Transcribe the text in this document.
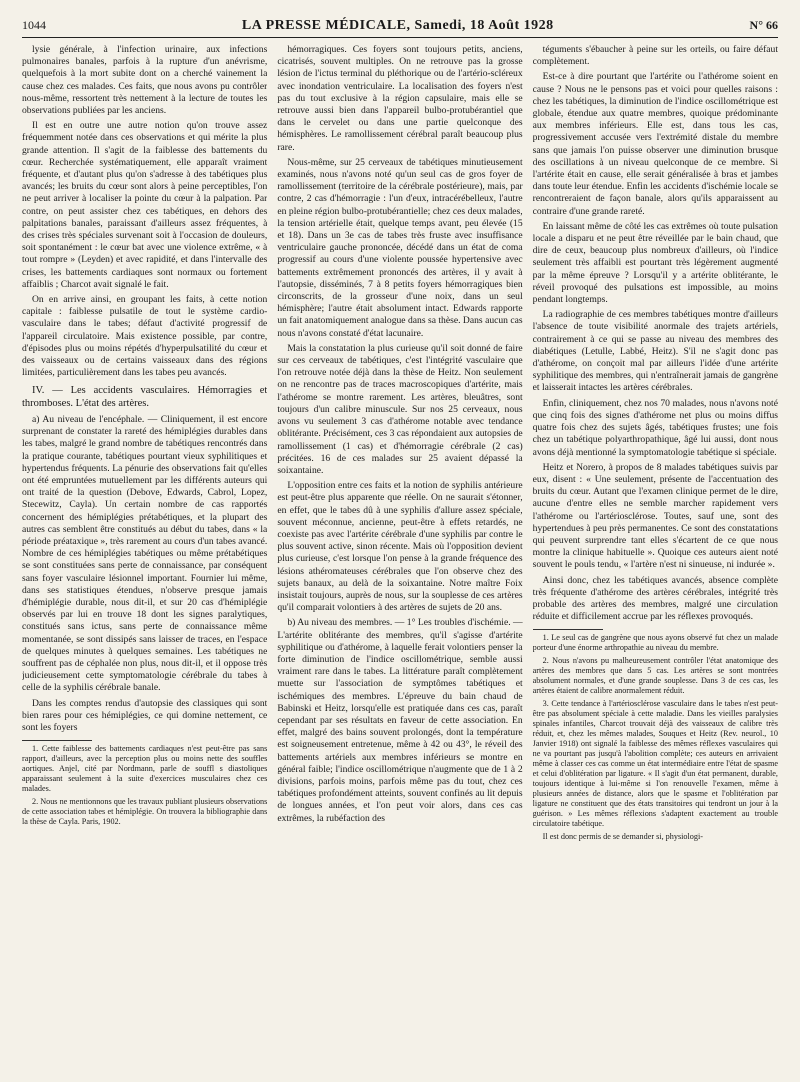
1044	LA PRESSE MÉDICALE, Samedi, 18 Août 1928	N° 66

lysie générale, à l'infection urinaire, aux infections pulmonaires banales, parfois à la rupture d'un anévrisme, quelquefois à la mort subite dont on a cherché vainement la cause chez ces malades. Ces faits, que nous avons pu contrôler nous-même, ressortent très nettement à la lecture de toutes les observations publiées par les anciens.

Il est en outre une autre notion qu'on trouve assez fréquemment notée dans ces observations et qui mérite la plus grande attention. Il s'agit de la faiblesse des battements du cœur. Recherchée systématiquement, elle apparaît vraiment fréquente, et d'autant plus qu'on s'adresse à des tabétiques plus avancés; les bruits du cœur sont alors à peine perceptibles, l'on ne peut arriver à localiser la pointe du cœur à la palpation. Par contre, on peut assister chez ces tabétiques, en dehors des palpitations banales, paraissant d'ailleurs assez fréquentes, à des crises très spéciales survenant soit à l'occasion de douleurs, soit spontanément : le cœur bat avec une violence extrême, « à tout rompre » (Leyden) et avec rapidité, et dans l'intervalle des crises, les battements cardiaques sont normaux ou fortement affaiblis ; Charcot avait signalé le fait.

On en arrive ainsi, en groupant les faits, à cette notion capitale : faiblesse pulsatile de tout le système cardio-vasculaire dans le tabes; défaut d'activité progressif de l'appareil circulatoire. Mais existence possible, par contre, d'épisodes plus ou moins répétés d'hyperpulsatilité du cœur et des vaisseaux ou de certains vaisseaux dans des régions limitées, particulièrement dans les tabes peu avancés.

IV. — Les accidents vasculaires. Hémorragies et thromboses. L'état des artères.

a) Au niveau de l'encéphale. — Cliniquement, il est encore surprenant de constater la rareté des hémiplégies durables dans les tabes, malgré le grand nombre de tabétiques rencontrés dans la pratique courante, tabétiques pourtant vieux syphilitiques et hypertendus fréquents. La pénurie des observations fait qu'elles ont été empruntées mutuellement par les différents auteurs qui ont traité de la question (Debove, Edwards, Cabrol, Lopez, Stecewitz, Cayla). Un certain nombre de cas rapportés concernent des hémiplégies prétabétiques, et la plupart des autres cas semblent être constitués au début du tabes, dans « la période préataxique », très rarement au cours d'un tabes avancé. Nombre de ces hémiplégies tabétiques ou même prétabétiques se sont constituées sans perte de connaissance, par conséquent sans foyer vasculaire lésionnel important. Fournier lui même, dans ses statistiques étendues, n'observe presque jamais d'hémiplégie durable, nous dit-il, et sur 20 cas d'hémiplégie observés par lui en trouve 18 dont les signes paralytiques, constitués sans ictus, sans perte de connaissance même momentanée, se sont dissipés sans laisser de traces, en l'espace de quelques minutes à quelques semaines. Les tabétiques ne souffrent pas de céphalée non plus, nous dit-il, et il oppose très judicieusement cette symptomatologie cérébrale du tabes à celle de la syphilis cérébrale banale.

Dans les comptes rendus d'autopsie des classiques qui sont bien rares pour ces hémiplégies, ce qui domine nettement, ce sont les foyers

1. Cette faiblesse des battements cardiaques n'est peut-être pas sans rapport, d'ailleurs, avec la perception plus ou moins nette des souffles aortiques. Anjel, cité par Nordmann, parle de souffl s diastoliques apparaissant seulement à la suite d'exercices musculaires chez ces malades.

2. Nous ne mentionnons que les travaux publiant plusieurs observations de cette association tabes et hémiplégie. On trouvera la bibliographie dans la thèse de Cayla. Paris, 1902.

hémorragiques. Ces foyers sont toujours petits, anciens, cicatrisés, souvent multiples. On ne retrouve pas la grosse lésion de l'ictus terminal du pléthorique ou de l'artério-scléreux avec inondation ventriculaire. La localisation des foyers n'est pas du tout exclusive à la région capsulaire, mais elle se retrouve aussi bien dans l'appareil bulbo-protubérantiel que dans le cervelet ou dans une partie quelconque des hémisphères. Le ramollissement cérébral paraît beaucoup plus rare.

Nous-même, sur 25 cerveaux de tabétiques minutieusement examinés, nous n'avons noté qu'un seul cas de gros foyer de ramollissement (territoire de la cérébrale postérieure), mais, par contre, 2 cas d'hémorragie : l'un d'eux, intracérébelleux, l'autre en pleine région bulbo-protubérantielle; chez ces deux malades, la tension artérielle était, quelque temps avant, peu élevée (15 et 18). Dans un 3e cas de tabes très fruste avec insuffisance ventriculaire gauche prononcée, décédé dans un état de coma progressif au cours d'une violente poussée hypertensive avec battements extrêmement prononcés des artères, il y avait à l'autopsie, disséminés, 7 à 8 petits foyers hémorragiques bien circonscrits, de la grosseur d'une noix, dans un seul hémisphère; l'autre était absolument intact. Edwards rapporte un fait anatomiquement analogue dans sa thèse. Dans aucun cas nous n'avons constaté d'état lacunaire.

Mais la constatation la plus curieuse qu'il soit donné de faire sur ces cerveaux de tabétiques, c'est l'intégrité vasculaire que l'on retrouve notée déjà dans la thèse de Heitz. Non seulement on ne rencontre pas de traces macroscopiques d'artérite, mais l'athérome se montre rarement. Les artères, bleuâtres, sont toujours d'un calibre minuscule. Sur nos 25 cerveaux, nous avons vu seulement 3 cas d'athérome notable avec tendance oblitérante. Précisément, ces 3 cas répondaient aux autopsies de ramollissement (1 cas) et d'hémorragie cérébrale (2 cas) précitées. 16 de ces malades sur 25 avaient dépassé la soixantaine.

L'opposition entre ces faits et la notion de syphilis antérieure est peut-être plus apparente que réelle. On ne saurait s'étonner, en effet, que le tabes dû à une syphilis d'allure assez spéciale, souvent méconnue, ancienne, peut-être à effets retardés, ne coexiste pas avec l'artérite cérébrale d'une syphilis par contre le plus souvent active, sinon récente. Mais où l'opposition devient plus curieuse, c'est lorsque l'on pense à la grande fréquence des lésions athéromateuses cérébrales que l'on observe chez des sujets banaux, au delà de la soixantaine. Notre maître Foix insistait toujours, auprès de nous, sur la souplesse de ces artères qu'il comparait volontiers à des artères de sujets de 20 ans.

b) Au niveau des membres. — 1° Les troubles d'ischémie. — L'artérite oblitérante des membres, qu'il s'agisse d'artérite syphilitique ou d'athérome, à laquelle ferait volontiers penser la forte diminution de l'indice oscillométrique, semble aussi vraiment rare dans le tabes. La littérature paraît complètement muette sur l'association de symptômes tabétiques et ischémiques des membres. L'épreuve du bain chaud de Babinski et Heitz, lorsqu'elle est pratiquée dans ces cas, paraît cependant par ses résultats en faveur de cette association. En effet, malgré des bains souvent prolongés, dont la température est soigneusement entretenue, même à 42 ou 43°, le réveil des battements artériels aux membres inférieurs se montre en général faible; l'indice oscillométrique n'augmente que de 1 à 2 divisions, parfois moins, parfois même pas du tout, chez ces tabétiques profondément atteints, souvent confinés au lit depuis de longues années, et l'on peut voir alors, dans ces cas extrêmes, la rubéfaction des

téguments s'ébaucher à peine sur les orteils, ou faire défaut complètement.

Est-ce à dire pourtant que l'artérite ou l'athérome soient en cause ? Nous ne le pensons pas et voici pour quelles raisons : chez les tabétiques, la diminution de l'indice oscillométrique est globale, étendue aux quatre membres, quoique prédominante aux membres inférieurs. Elle est, dans tous les cas, progressivement accusée vers l'extrémité distale du membre sans que jamais l'on puisse observer une diminution brusque des oscillations à un niveau quelconque de ce membre. Si l'artérite était en cause, elle serait généralisée à bras et jambes dans toute leur étendue. Enfin les accidents d'ischémie locale se rencontreraient de façon banale, alors qu'ils apparaissent au contraire d'une grande rareté.

En laissant même de côté les cas extrêmes où toute pulsation locale a disparu et ne peut être réveillée par le bain chaud, que dire de ceux, beaucoup plus nombreux d'ailleurs, où l'indice seulement très affaibli est pourtant très légèrement augmenté par la même épreuve ? Lorsqu'il y a artérite oblitérante, le réveil provoqué des pulsations est impossible, au moins pendant longtemps.

La radiographie de ces membres tabétiques montre d'ailleurs l'absence de toute visibilité anormale des trajets artériels, contrairement à ce qui se passe au niveau des membres des diabétiques (Letulle, Labbé, Heitz). S'il ne s'agit donc pas d'athérome, on conçoit mal par ailleurs l'idée d'une artérite syphilitique des membres, qui n'entraînerait jamais de gangrène et laisserait intactes les artères cérébrales.

Enfin, cliniquement, chez nos 70 malades, nous n'avons noté que cinq fois des signes d'athérome net plus ou moins diffus quatre fois chez des sujets âgés, tabétiques frustes; une fois chez un tabétique polyarthropathique, âgé lui aussi, dont nous avons déjà mentionné la symptomatologie tabétique si spéciale.

Heitz et Norero, à propos de 8 malades tabétiques suivis par eux, disent : « Une seulement, présente de l'accentuation des bruits du cœur. Autant que l'examen clinique permet de le dire, aucune d'entre elles ne semble marcher rapidement vers l'athérome ou l'artériosclérose. Toutes, sauf une, sont des hypertendues à peu près permanentes. Ce sont des constatations qui peuvent surprendre tant elles s'écartent de ce que nous montre la clinique habituelle ». Quoique ces auteurs aient noté souvent le pouls tendu, « l'artère n'est ni sinueuse, ni indurée ».

Ainsi donc, chez les tabétiques avancés, absence complète très fréquente d'athérome des artères cérébrales, intégrité très probable des artères des membres, malgré une circulation réduite et difficilement accrue par les réflexes provoqués.

1. Le seul cas de gangrène que nous ayons observé fut chez un malade porteur d'une énorme arthropathie au niveau du membre.

2. Nous n'avons pu malheureusement contrôler l'état anatomique des artères des membres que dans 5 cas. Les artères se sont montrées absolument normales, et d'une grande souplesse. Dans 3 de ces cas, les artères étaient de calibre anormalement réduit.

3. Cette tendance à l'artériosclérose vasculaire dans le tabes n'est peut-être pas absolument spéciale à cette maladie. Dans les vieilles paralysies spinales infantiles, Charcot trouvait déjà des vaisseaux de calibre très réduit, et, chez les mêmes malades, Souques et Heitz (Rev. neurol., 10 Janvier 1918) ont signalé la faiblesse des mêmes réflexes vasculaires qui ne va pourtant pas jusqu'à l'abolition complète; ces auteurs en arrivaient même à classer ces cas comme un état intermédiaire entre l'état de spasme et celui d'oblitération par ligature. « Il s'agit d'un état permanent, durable, toujours identique à lui-même si l'on renouvelle l'examen, même à plusieurs années de distance, alors que le spasme et l'oblitération par ligature ne constituent que des états transitoires qui tendront un jour à la guérison. » Les mêmes réflexions s'adaptent exactement au trouble circulatoire tabétique.

Il est donc permis de se demander si, physiologi-
